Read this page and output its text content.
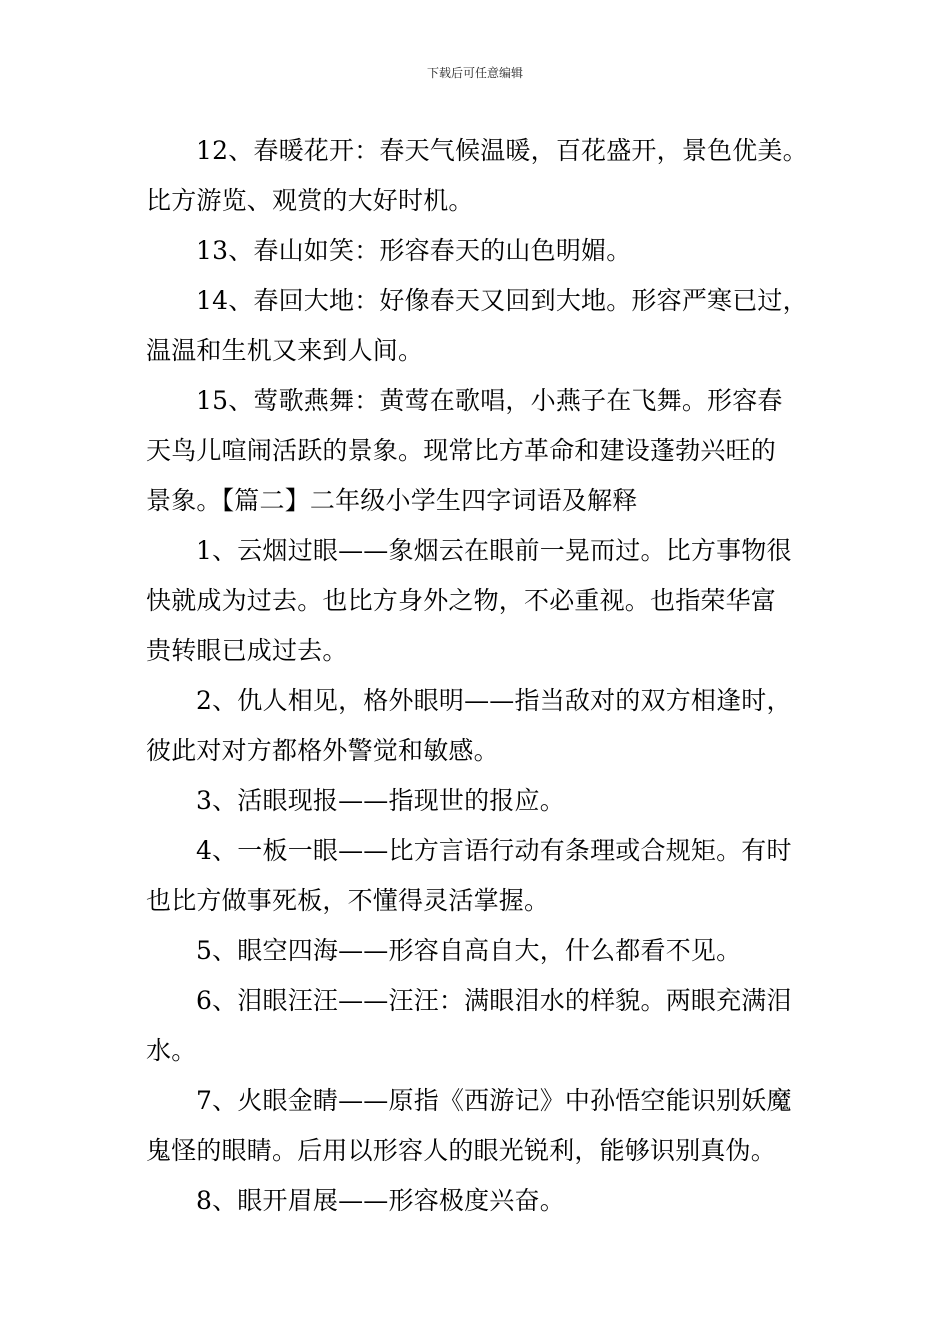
下载后可任意编辑
12、春暖花开：春天气候温暖，百花盛开，景色优美。
比方游览、观赏的大好时机。
13、春山如笑：形容春天的山色明媚。
14、春回大地：好像春天又回到大地。形容严寒已过，
温温和生机又来到人间。
15、莺歌燕舞：黄莺在歌唱，小燕子在飞舞。形容春
天鸟儿喧闹活跃的景象。现常比方革命和建设蓬勃兴旺的
景象。【篇二】二年级小学生四字词语及解释
1、云烟过眼——象烟云在眼前一晃而过。比方事物很
快就成为过去。也比方身外之物，不必重视。也指荣华富
贵转眼已成过去。
2、仇人相见，格外眼明——指当敌对的双方相逢时，
彼此对对方都格外警觉和敏感。
3、活眼现报——指现世的报应。
4、一板一眼——比方言语行动有条理或合规矩。有时
也比方做事死板，不懂得灵活掌握。
5、眼空四海——形容自高自大，什么都看不见。
6、泪眼汪汪——汪汪：满眼泪水的样貌。两眼充满泪
水。
7、火眼金睛——原指《西游记》中孙悟空能识别妖魔
鬼怪的眼睛。后用以形容人的眼光锐利，能够识别真伪。
8、眼开眉展——形容极度兴奋。
